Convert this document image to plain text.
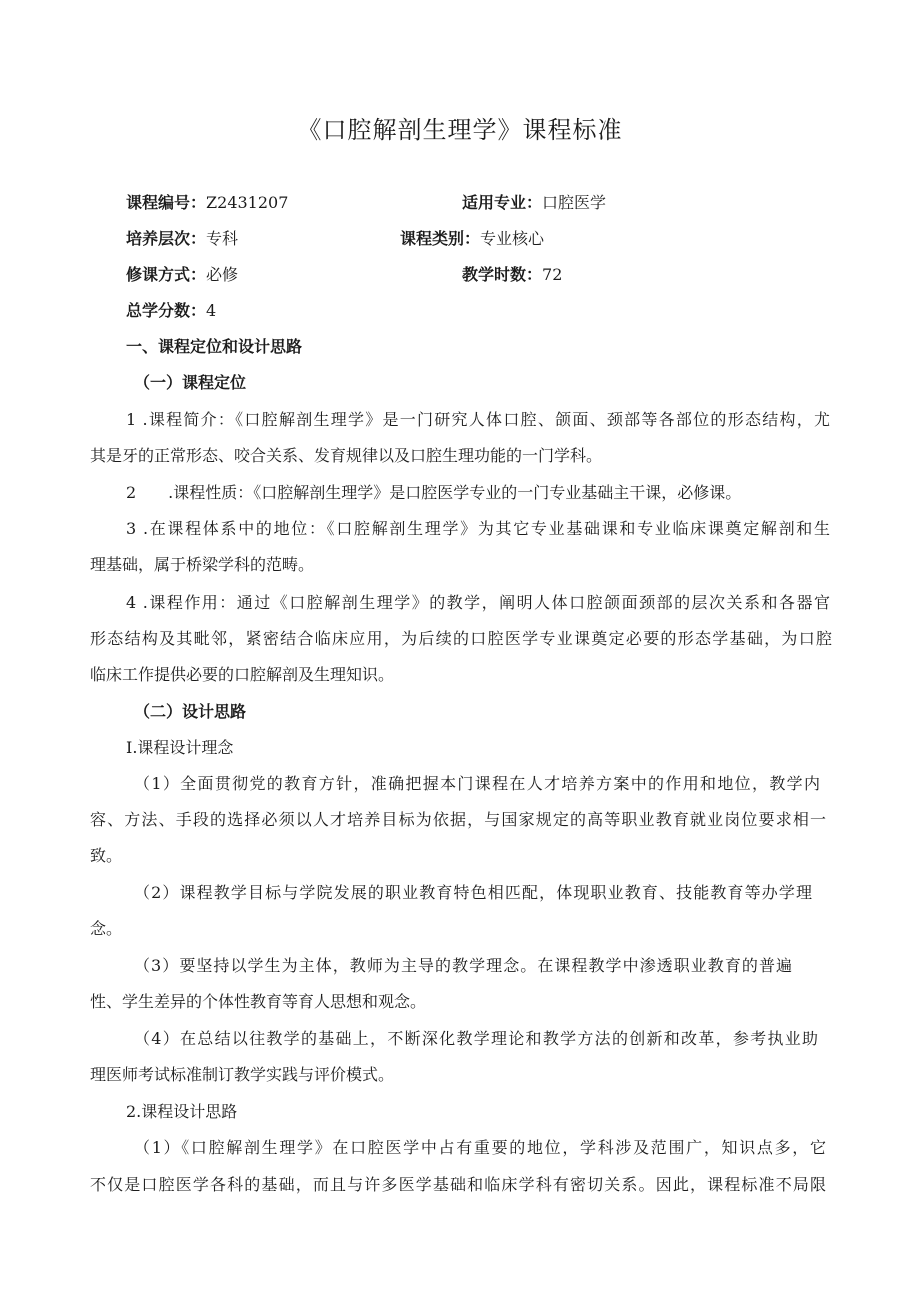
《口腔解剖生理学》课程标准
课程编号：Z2431207	适用专业：口腔医学
培养层次：专科	课程类别：专业核心
修课方式：必修	教学时数：72
总学分数：4
一、课程定位和设计思路
（一）课程定位
1 .课程简介：《口腔解剖生理学》是一门研究人体口腔、颌面、颈部等各部位的形态结构，尤
其是牙的正常形态、咬合关系、发育规律以及口腔生理功能的一门学科。
2　　.课程性质：《口腔解剖生理学》是口腔医学专业的一门专业基础主干课，必修课。
3 .在课程体系中的地位：《口腔解剖生理学》为其它专业基础课和专业临床课奠定解剖和生
理基础，属于桥梁学科的范畴。
4 .课程作用：通过《口腔解剖生理学》的教学，阐明人体口腔颌面颈部的层次关系和各器官
形态结构及其毗邻，紧密结合临床应用，为后续的口腔医学专业课奠定必要的形态学基础，为口腔
临床工作提供必要的口腔解剖及生理知识。
（二）设计思路
I.课程设计理念
（1）全面贯彻党的教育方针，准确把握本门课程在人才培养方案中的作用和地位，教学内
容、方法、手段的选择必须以人才培养目标为依据，与国家规定的高等职业教育就业岗位要求相一
致。
（2）课程教学目标与学院发展的职业教育特色相匹配，体现职业教育、技能教育等办学理
念。
（3）要坚持以学生为主体，教师为主导的教学理念。在课程教学中渗透职业教育的普遍
性、学生差异的个体性教育等育人思想和观念。
（4）在总结以往教学的基础上，不断深化教学理论和教学方法的创新和改革，参考执业助
理医师考试标准制订教学实践与评价模式。
2.课程设计思路
（1）《口腔解剖生理学》在口腔医学中占有重要的地位，学科涉及范围广，知识点多，它
不仅是口腔医学各科的基础，而且与许多医学基础和临床学科有密切关系。因此，课程标准不局限
